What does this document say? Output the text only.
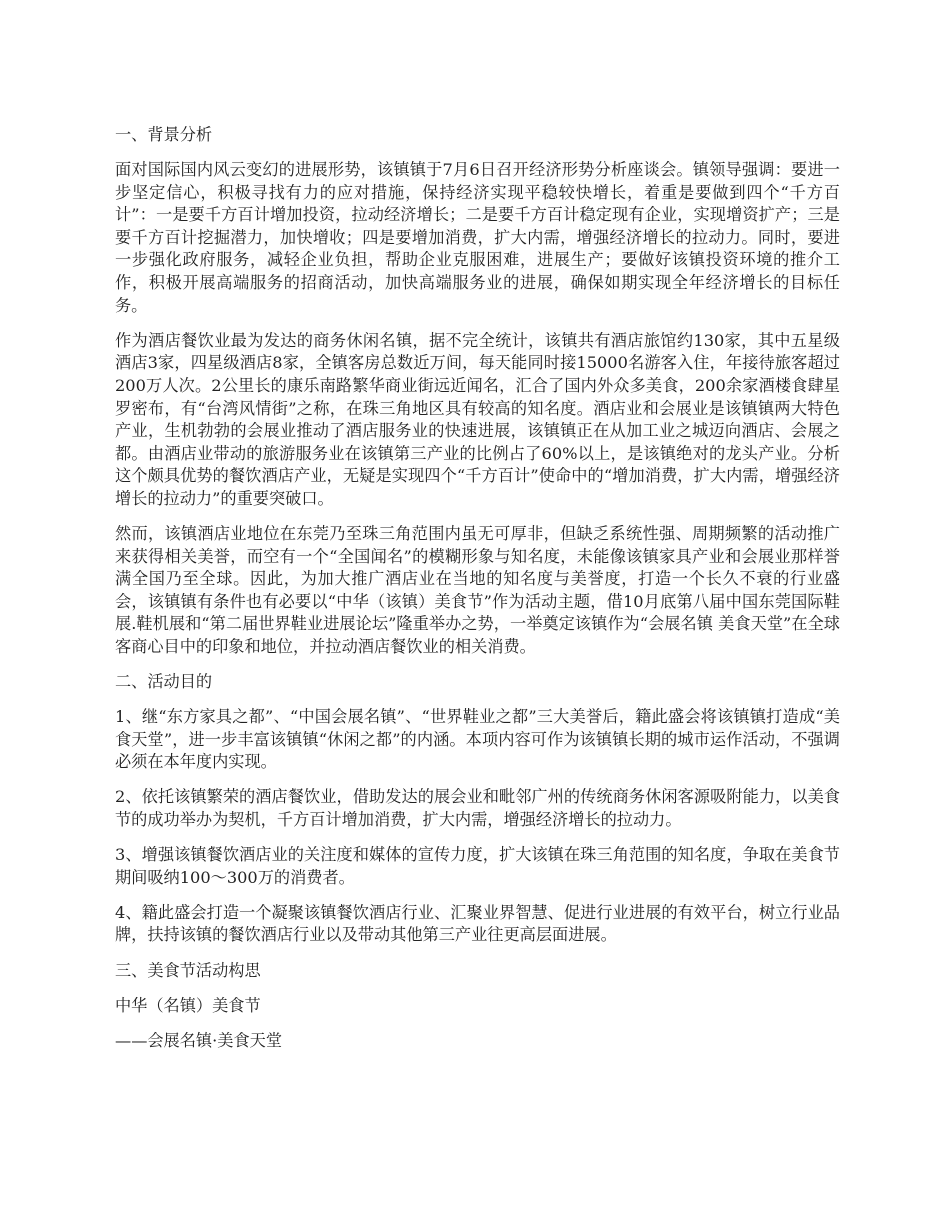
一、背景分析

面对国际国内风云变幻的进展形势，该镇镇于7月6日召开经济形势分析座谈会。镇领导强调：要进一步坚定信心，积极寻找有力的应对措施，保持经济实现平稳较快增长，着重是要做到四个“千方百计”：一是要千方百计增加投资，拉动经济增长；二是要千方百计稳定现有企业，实现增资扩产；三是要千方百计挖掘潜力，加快增收；四是要增加消费，扩大内需，增强经济增长的拉动力。同时，要进一步强化政府服务，减轻企业负担，帮助企业克服困难，进展生产；要做好该镇投资环境的推介工作，积极开展高端服务的招商活动，加快高端服务业的进展，确保如期实现全年经济增长的目标任务。

作为酒店餐饮业最为发达的商务休闲名镇，据不完全统计，该镇共有酒店旅馆约130家，其中五星级酒店3家，四星级酒店8家，全镇客房总数近万间，每天能同时接15000名游客入住，年接待旅客超过200万人次。2公里长的康乐南路繁华商业街远近闻名，汇合了国内外众多美食，200余家酒楼食肆星罗密布，有“台湾风情街”之称，在珠三角地区具有较高的知名度。酒店业和会展业是该镇镇两大特色产业，生机勃勃的会展业推动了酒店服务业的快速进展，该镇镇正在从加工业之城迈向酒店、会展之都。由酒店业带动的旅游服务业在该镇第三产业的比例占了60%以上，是该镇绝对的龙头产业。分析这个颇具优势的餐饮酒店产业，无疑是实现四个“千方百计”使命中的“增加消费，扩大内需，增强经济增长的拉动力”的重要突破口。

然而，该镇酒店业地位在东莞乃至珠三角范围内虽无可厚非，但缺乏系统性强、周期频繁的活动推广来获得相关美誉，而空有一个“全国闻名”的模糊形象与知名度，未能像该镇家具产业和会展业那样誉满全国乃至全球。因此，为加大推广酒店业在当地的知名度与美誉度，打造一个长久不衰的行业盛会，该镇镇有条件也有必要以“中华（该镇）美食节”作为活动主题，借10月底第八届中国东莞国际鞋展.鞋机展和“第二届世界鞋业进展论坛”隆重举办之势，一举奠定该镇作为“会展名镇 美食天堂”在全球客商心目中的印象和地位，并拉动酒店餐饮业的相关消费。

二、活动目的

1、继“东方家具之都”、“中国会展名镇”、“世界鞋业之都”三大美誉后，籍此盛会将该镇镇打造成“美食天堂”，进一步丰富该镇镇“休闲之都”的内涵。本项内容可作为该镇镇长期的城市运作活动，不强调必须在本年度内实现。

2、依托该镇繁荣的酒店餐饮业，借助发达的展会业和毗邻广州的传统商务休闲客源吸附能力，以美食节的成功举办为契机，千方百计增加消费，扩大内需，增强经济增长的拉动力。

3、增强该镇餐饮酒店业的关注度和媒体的宣传力度，扩大该镇在珠三角范围的知名度，争取在美食节期间吸纳100～300万的消费者。

4、籍此盛会打造一个凝聚该镇餐饮酒店行业、汇聚业界智慧、促进行业进展的有效平台，树立行业品牌，扶持该镇的餐饮酒店行业以及带动其他第三产业往更高层面进展。

三、美食节活动构思

中华（名镇）美食节

——会展名镇·美食天堂
